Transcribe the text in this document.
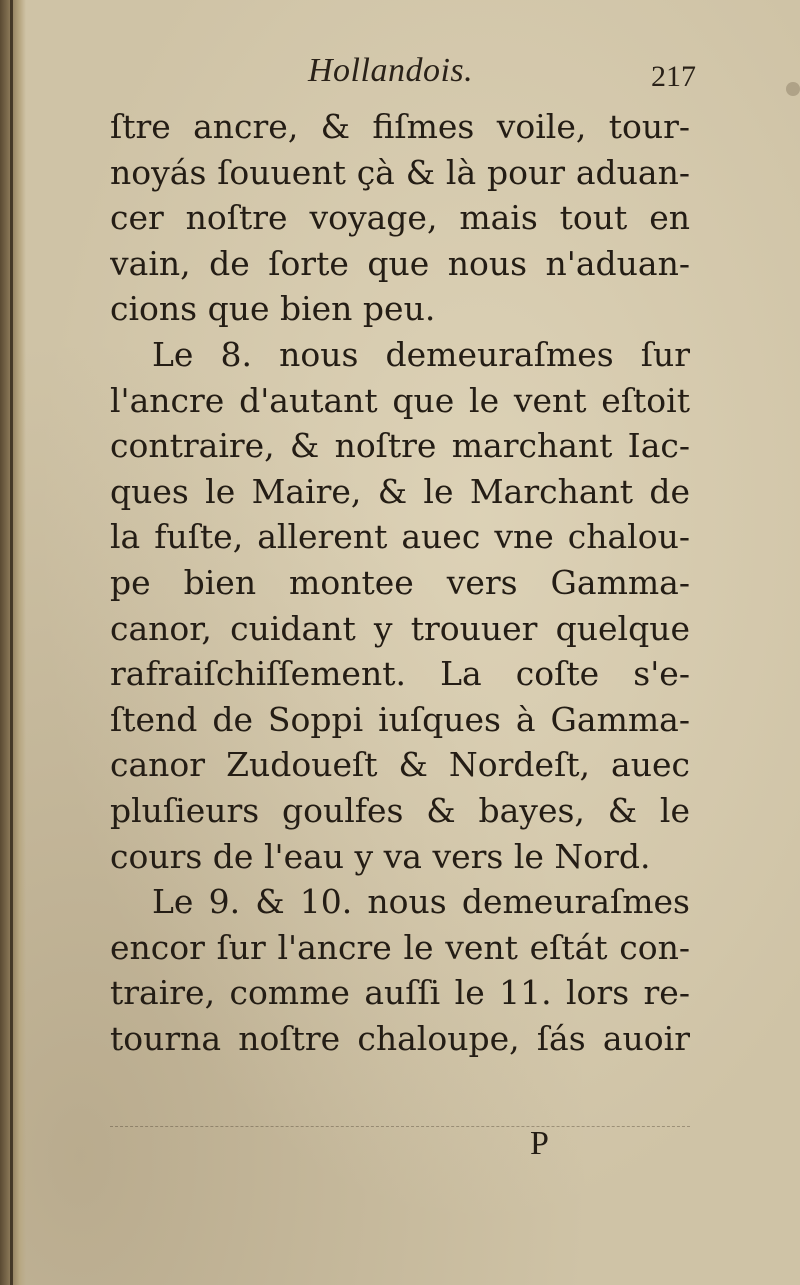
Hollandois.	217
ſtre ancre, & fiſmes voile, tour-
noyás ſouuent çà & là pour aduan-
cer noſtre voyage, mais tout en
vain, de ſorte que nous n'aduan-
cions que bien peu.
Le 8. nous demeuraſmes ſur
l'ancre d'autant que le vent eſtoit
contraire, & noſtre marchant Iac-
ques le Maire, & le Marchant de
la fuſte, allerent auec vne chalou-
pe bien montee vers Gamma-
canor, cuidant y trouuer quelque
rafraiſchiſſement. La coſte s'e-
ſtend de Soppi iuſques à Gamma-
canor Zudoueſt & Nordeſt, auec
pluſieurs goulfes & bayes, & le
cours de l'eau y va vers le Nord.
Le 9. & 10. nous demeuraſmes
encor ſur l'ancre le vent eſtát con-
traire, comme auſſi le 11. lors re-
tourna noſtre chaloupe, ſás auoir
P
